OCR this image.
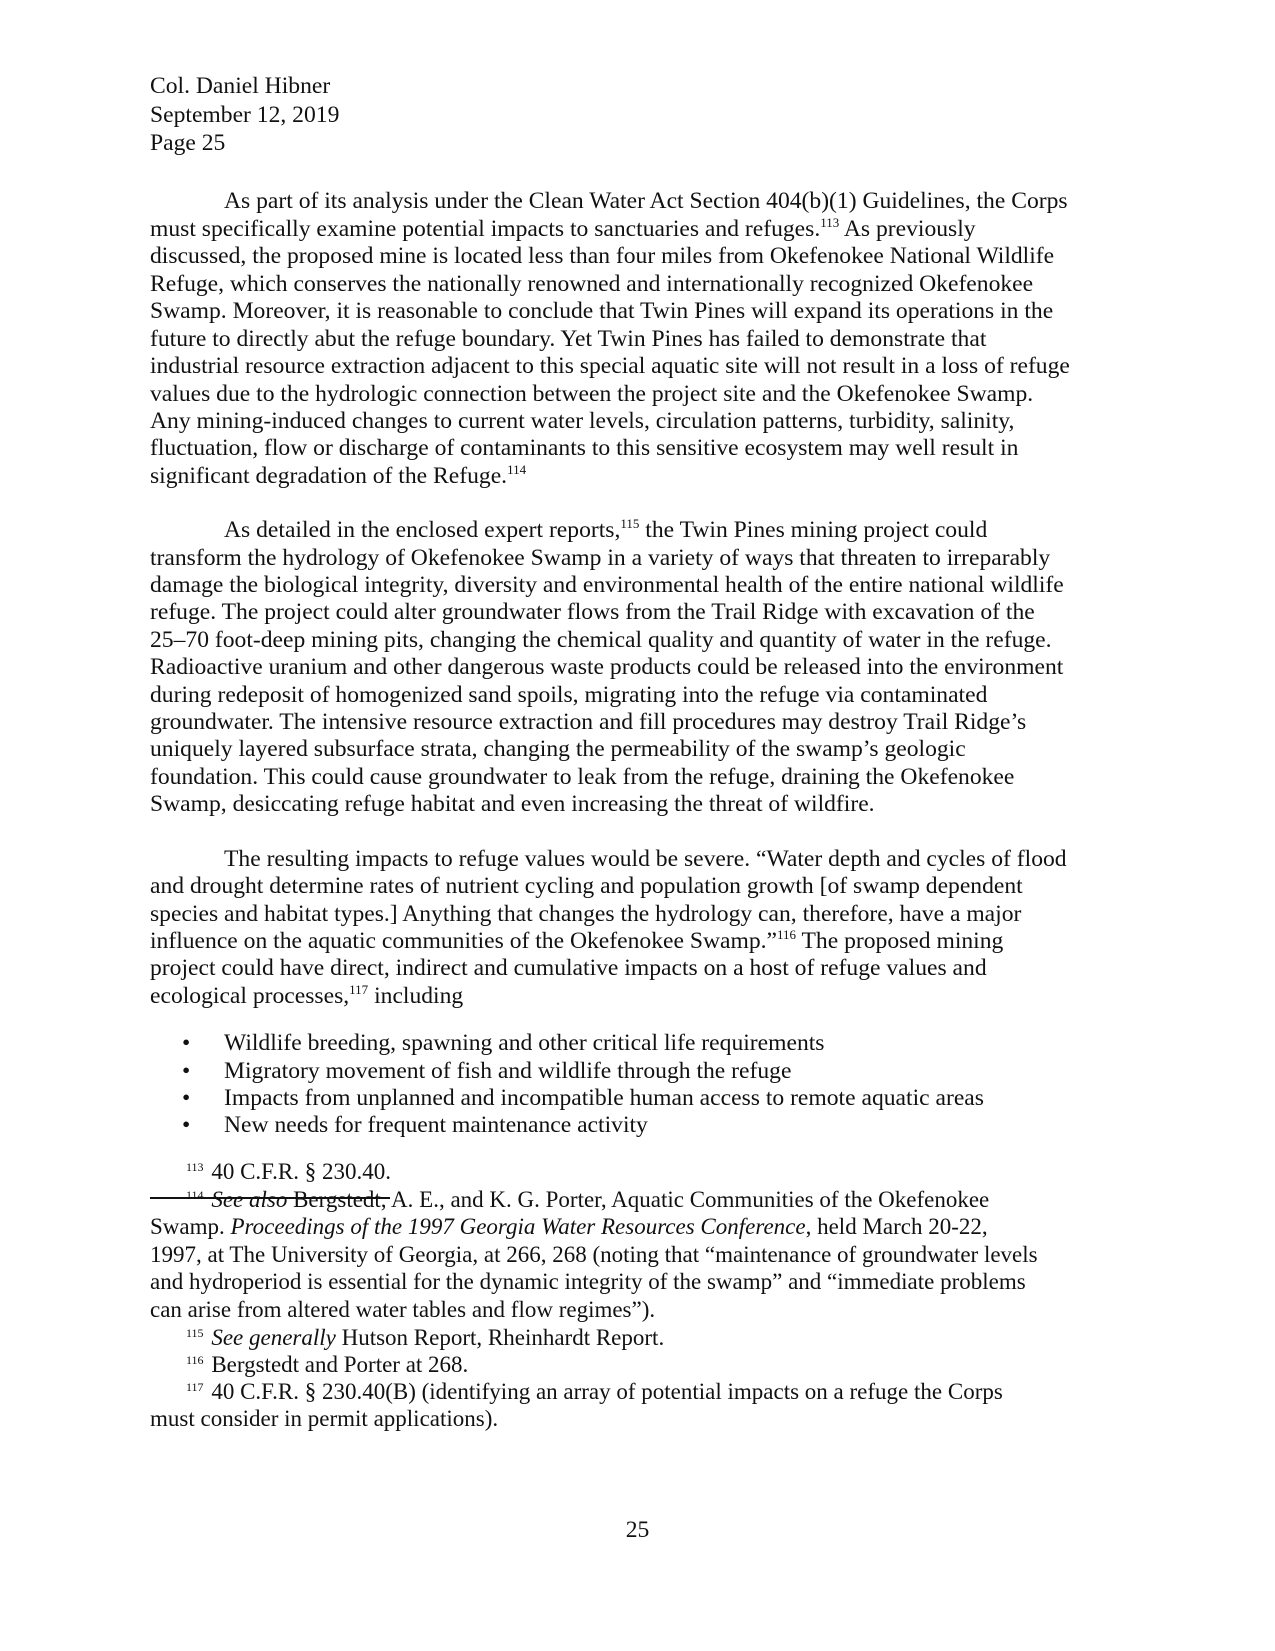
Col. Daniel Hibner
September 12, 2019
Page 25
As part of its analysis under the Clean Water Act Section 404(b)(1) Guidelines, the Corps
must specifically examine potential impacts to sanctuaries and refuges.$^{113}$ As previously
discussed, the proposed mine is located less than four miles from Okefenokee National Wildlife
Refuge, which conserves the nationally renowned and internationally recognized Okefenokee
Swamp. Moreover, it is reasonable to conclude that Twin Pines will expand its operations in the
future to directly abut the refuge boundary. Yet Twin Pines has failed to demonstrate that
industrial resource extraction adjacent to this special aquatic site will not result in a loss of refuge
values due to the hydrologic connection between the project site and the Okefenokee Swamp.
Any mining-induced changes to current water levels, circulation patterns, turbidity, salinity,
fluctuation, flow or discharge of contaminants to this sensitive ecosystem may well result in
significant degradation of the Refuge.$^{114}$
As detailed in the enclosed expert reports,$^{115}$ the Twin Pines mining project could
transform the hydrology of Okefenokee Swamp in a variety of ways that threaten to irreparably
damage the biological integrity, diversity and environmental health of the entire national wildlife
refuge. The project could alter groundwater flows from the Trail Ridge with excavation of the
25–70 foot-deep mining pits, changing the chemical quality and quantity of water in the refuge.
Radioactive uranium and other dangerous waste products could be released into the environment
during redeposit of homogenized sand spoils, migrating into the refuge via contaminated
groundwater. The intensive resource extraction and fill procedures may destroy Trail Ridge’s
uniquely layered subsurface strata, changing the permeability of the swamp’s geologic
foundation. This could cause groundwater to leak from the refuge, draining the Okefenokee
Swamp, desiccating refuge habitat and even increasing the threat of wildfire.
The resulting impacts to refuge values would be severe. “Water depth and cycles of flood
and drought determine rates of nutrient cycling and population growth [of swamp dependent
species and habitat types.] Anything that changes the hydrology can, therefore, have a major
influence on the aquatic communities of the Okefenokee Swamp.”$^{116}$ The proposed mining
project could have direct, indirect and cumulative impacts on a host of refuge values and
ecological processes,$^{117}$ including
• Wildlife breeding, spawning and other critical life requirements
• Migratory movement of fish and wildlife through the refuge
• Impacts from unplanned and incompatible human access to remote aquatic areas
• New needs for frequent maintenance activity
$^{113}$ 40 C.F.R. § 230.40.
$^{114}$ See also Bergstedt, A. E., and K. G. Porter, Aquatic Communities of the Okefenokee
Swamp. Proceedings of the 1997 Georgia Water Resources Conference, held March 20-22,
1997, at The University of Georgia, at 266, 268 (noting that “maintenance of groundwater levels
and hydroperiod is essential for the dynamic integrity of the swamp” and “immediate problems
can arise from altered water tables and flow regimes”).
$^{115}$ See generally Hutson Report, Rheinhardt Report.
$^{116}$ Bergstedt and Porter at 268.
$^{117}$ 40 C.F.R. § 230.40(B) (identifying an array of potential impacts on a refuge the Corps
must consider in permit applications).
25
